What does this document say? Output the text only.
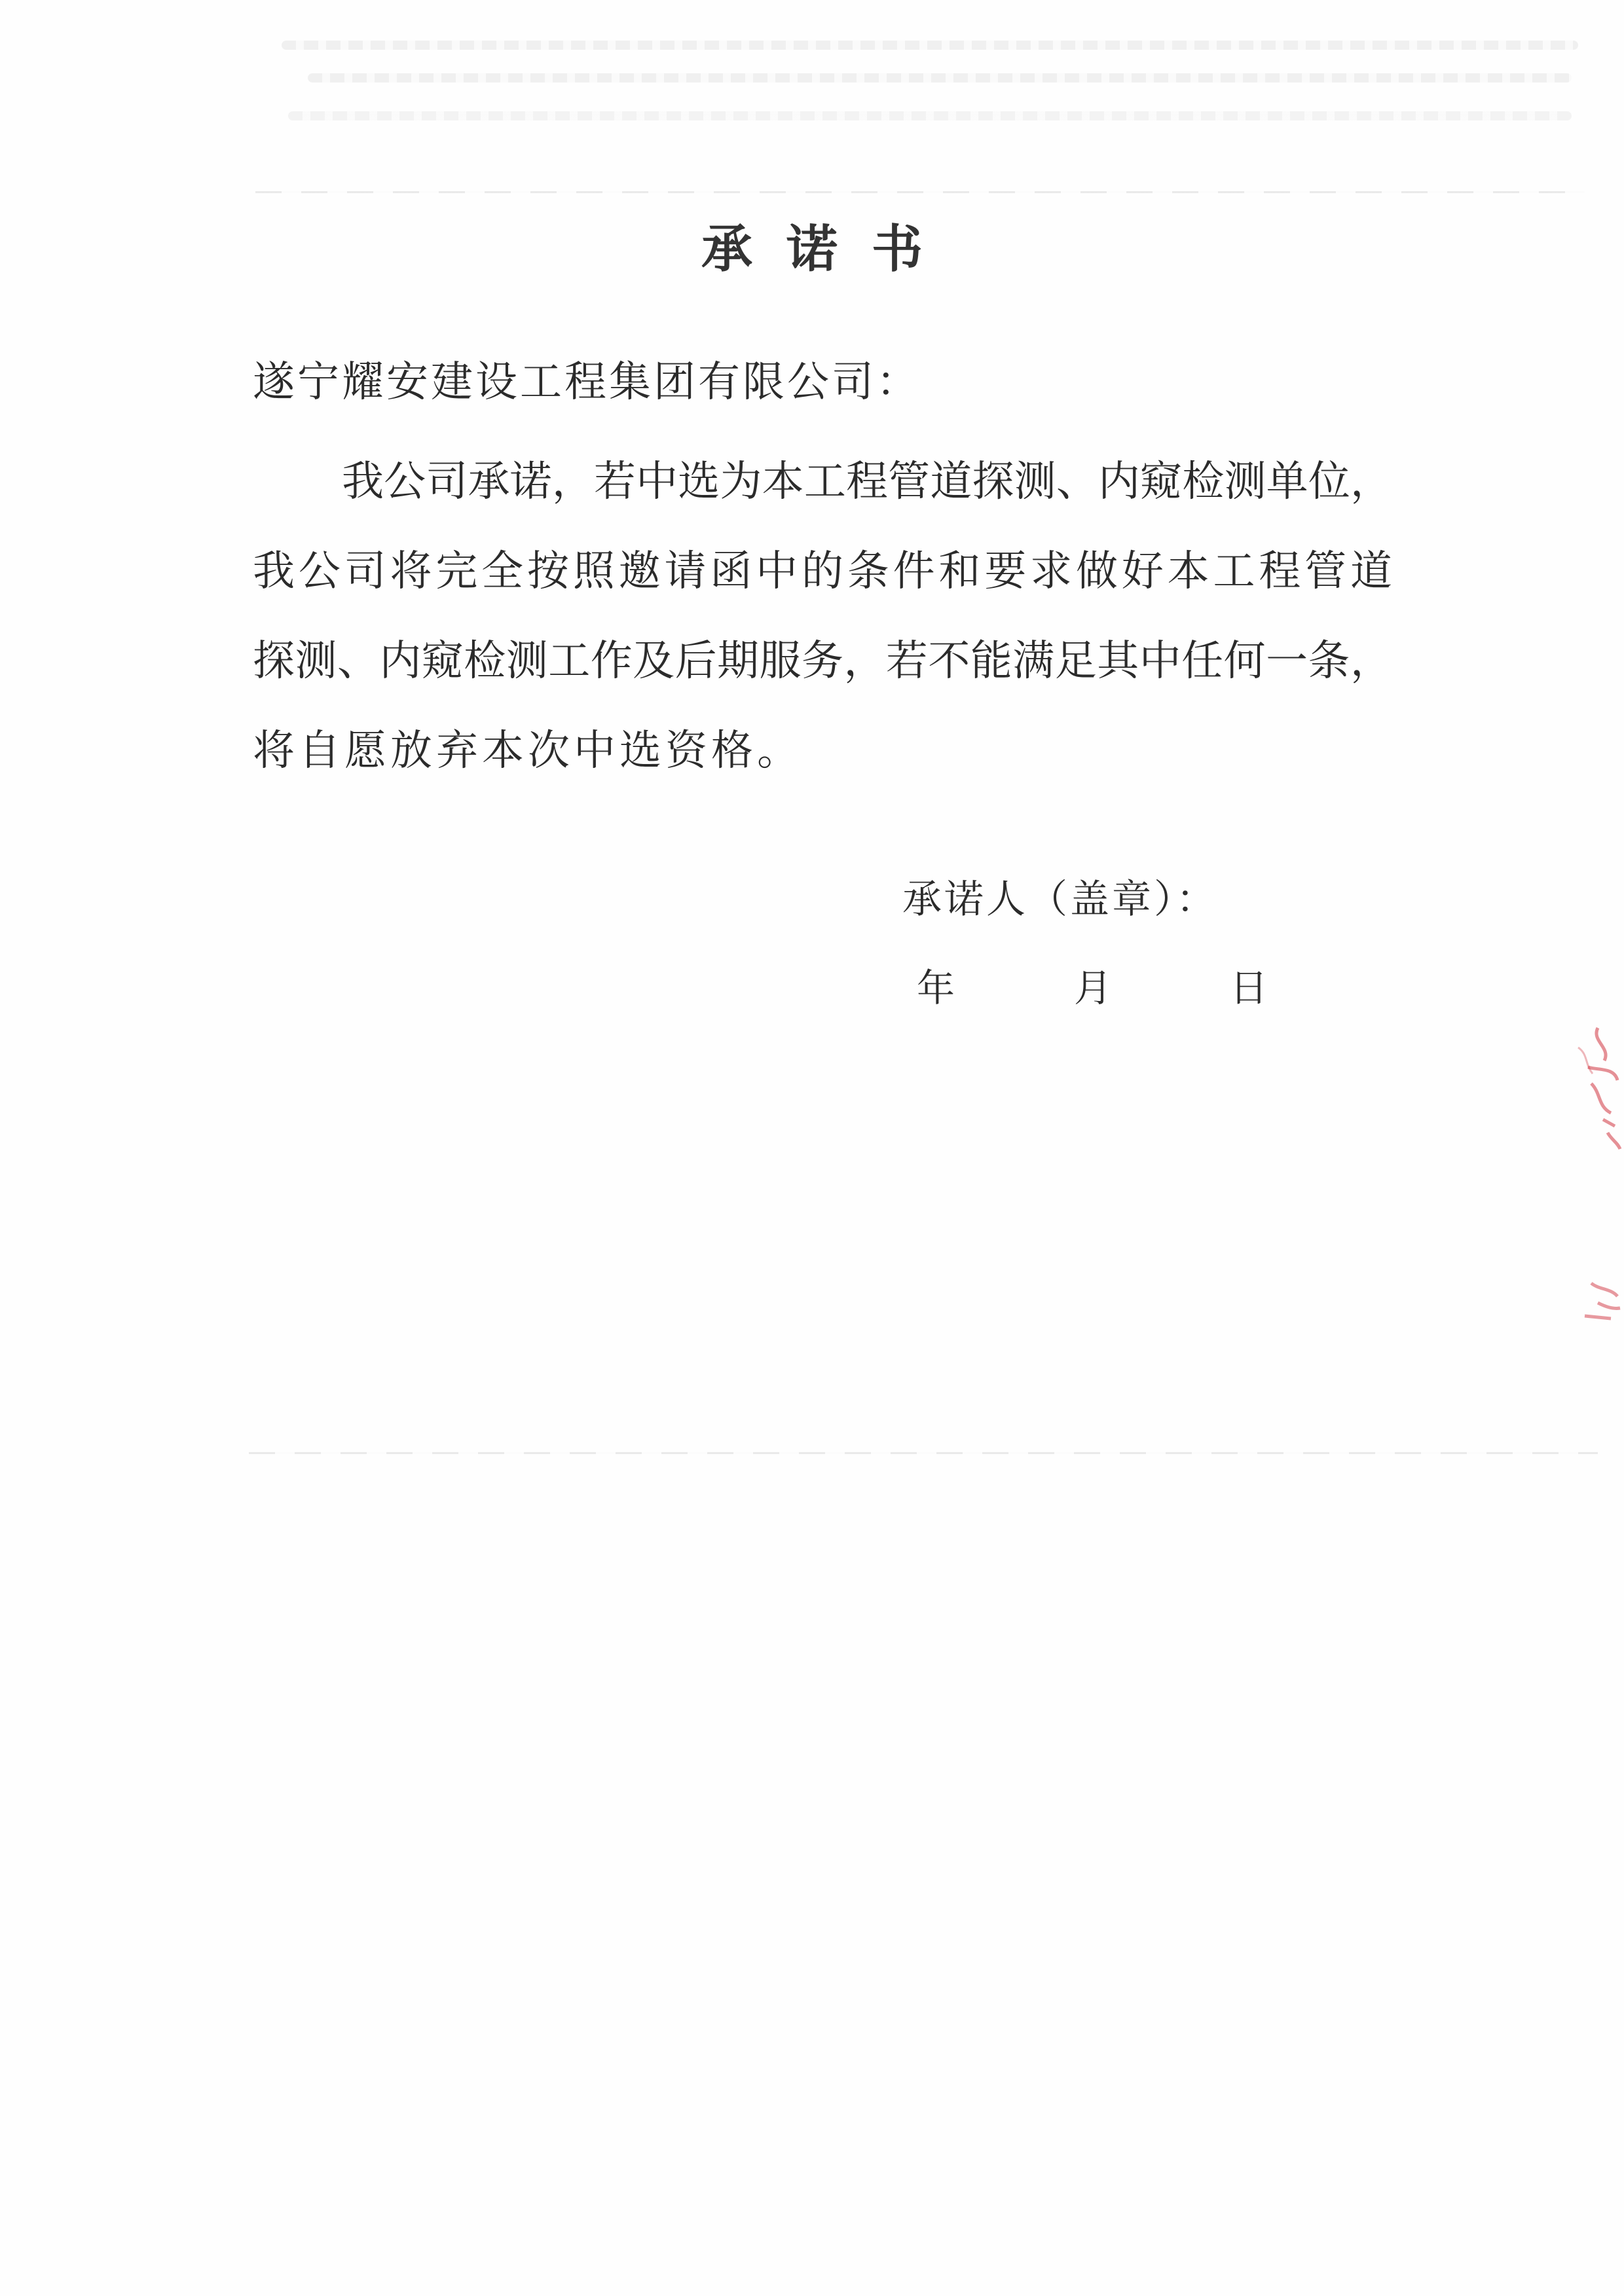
承诺书
遂宁耀安建设工程集团有限公司：
我公司承诺，若中选为本工程管道探测、内窥检测单位，
我公司将完全按照邀请函中的条件和要求做好本工程管道
探测、内窥检测工作及后期服务，若不能满足其中任何一条，
将自愿放弃本次中选资格。
承诺人（盖章）：
年	月	日
